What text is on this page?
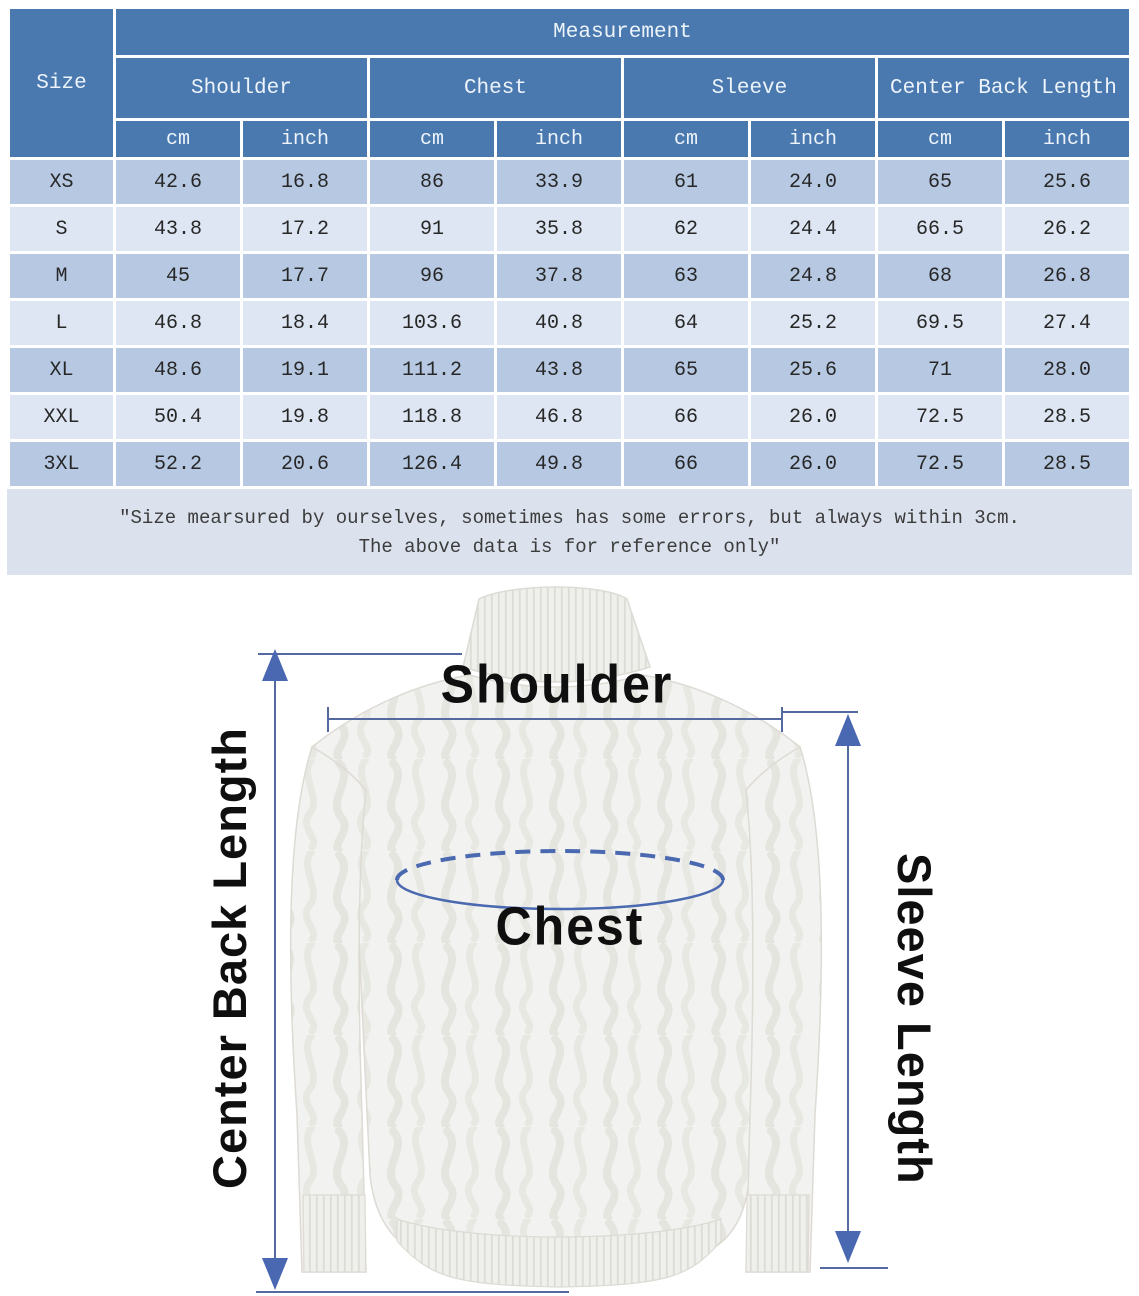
Size	Measurement							
	Shoulder		Chest		Sleeve		Center Back Length	
	cm	inch	cm	inch	cm	inch	cm	inch
XS	42.6	16.8	86	33.9	61	24.0	65	25.6
S	43.8	17.2	91	35.8	62	24.4	66.5	26.2
M	45	17.7	96	37.8	63	24.8	68	26.8
L	46.8	18.4	103.6	40.8	64	25.2	69.5	27.4
XL	48.6	19.1	111.2	43.8	65	25.6	71	28.0
XXL	50.4	19.8	118.8	46.8	66	26.0	72.5	28.5
3XL	52.2	20.6	126.4	49.8	66	26.0	72.5	28.5
″Size mearsured by ourselves, sometimes has some errors, but always within 3cm.
The above data is for reference only″
Shoulder
Chest
Center Back Length	Sleeve Length
